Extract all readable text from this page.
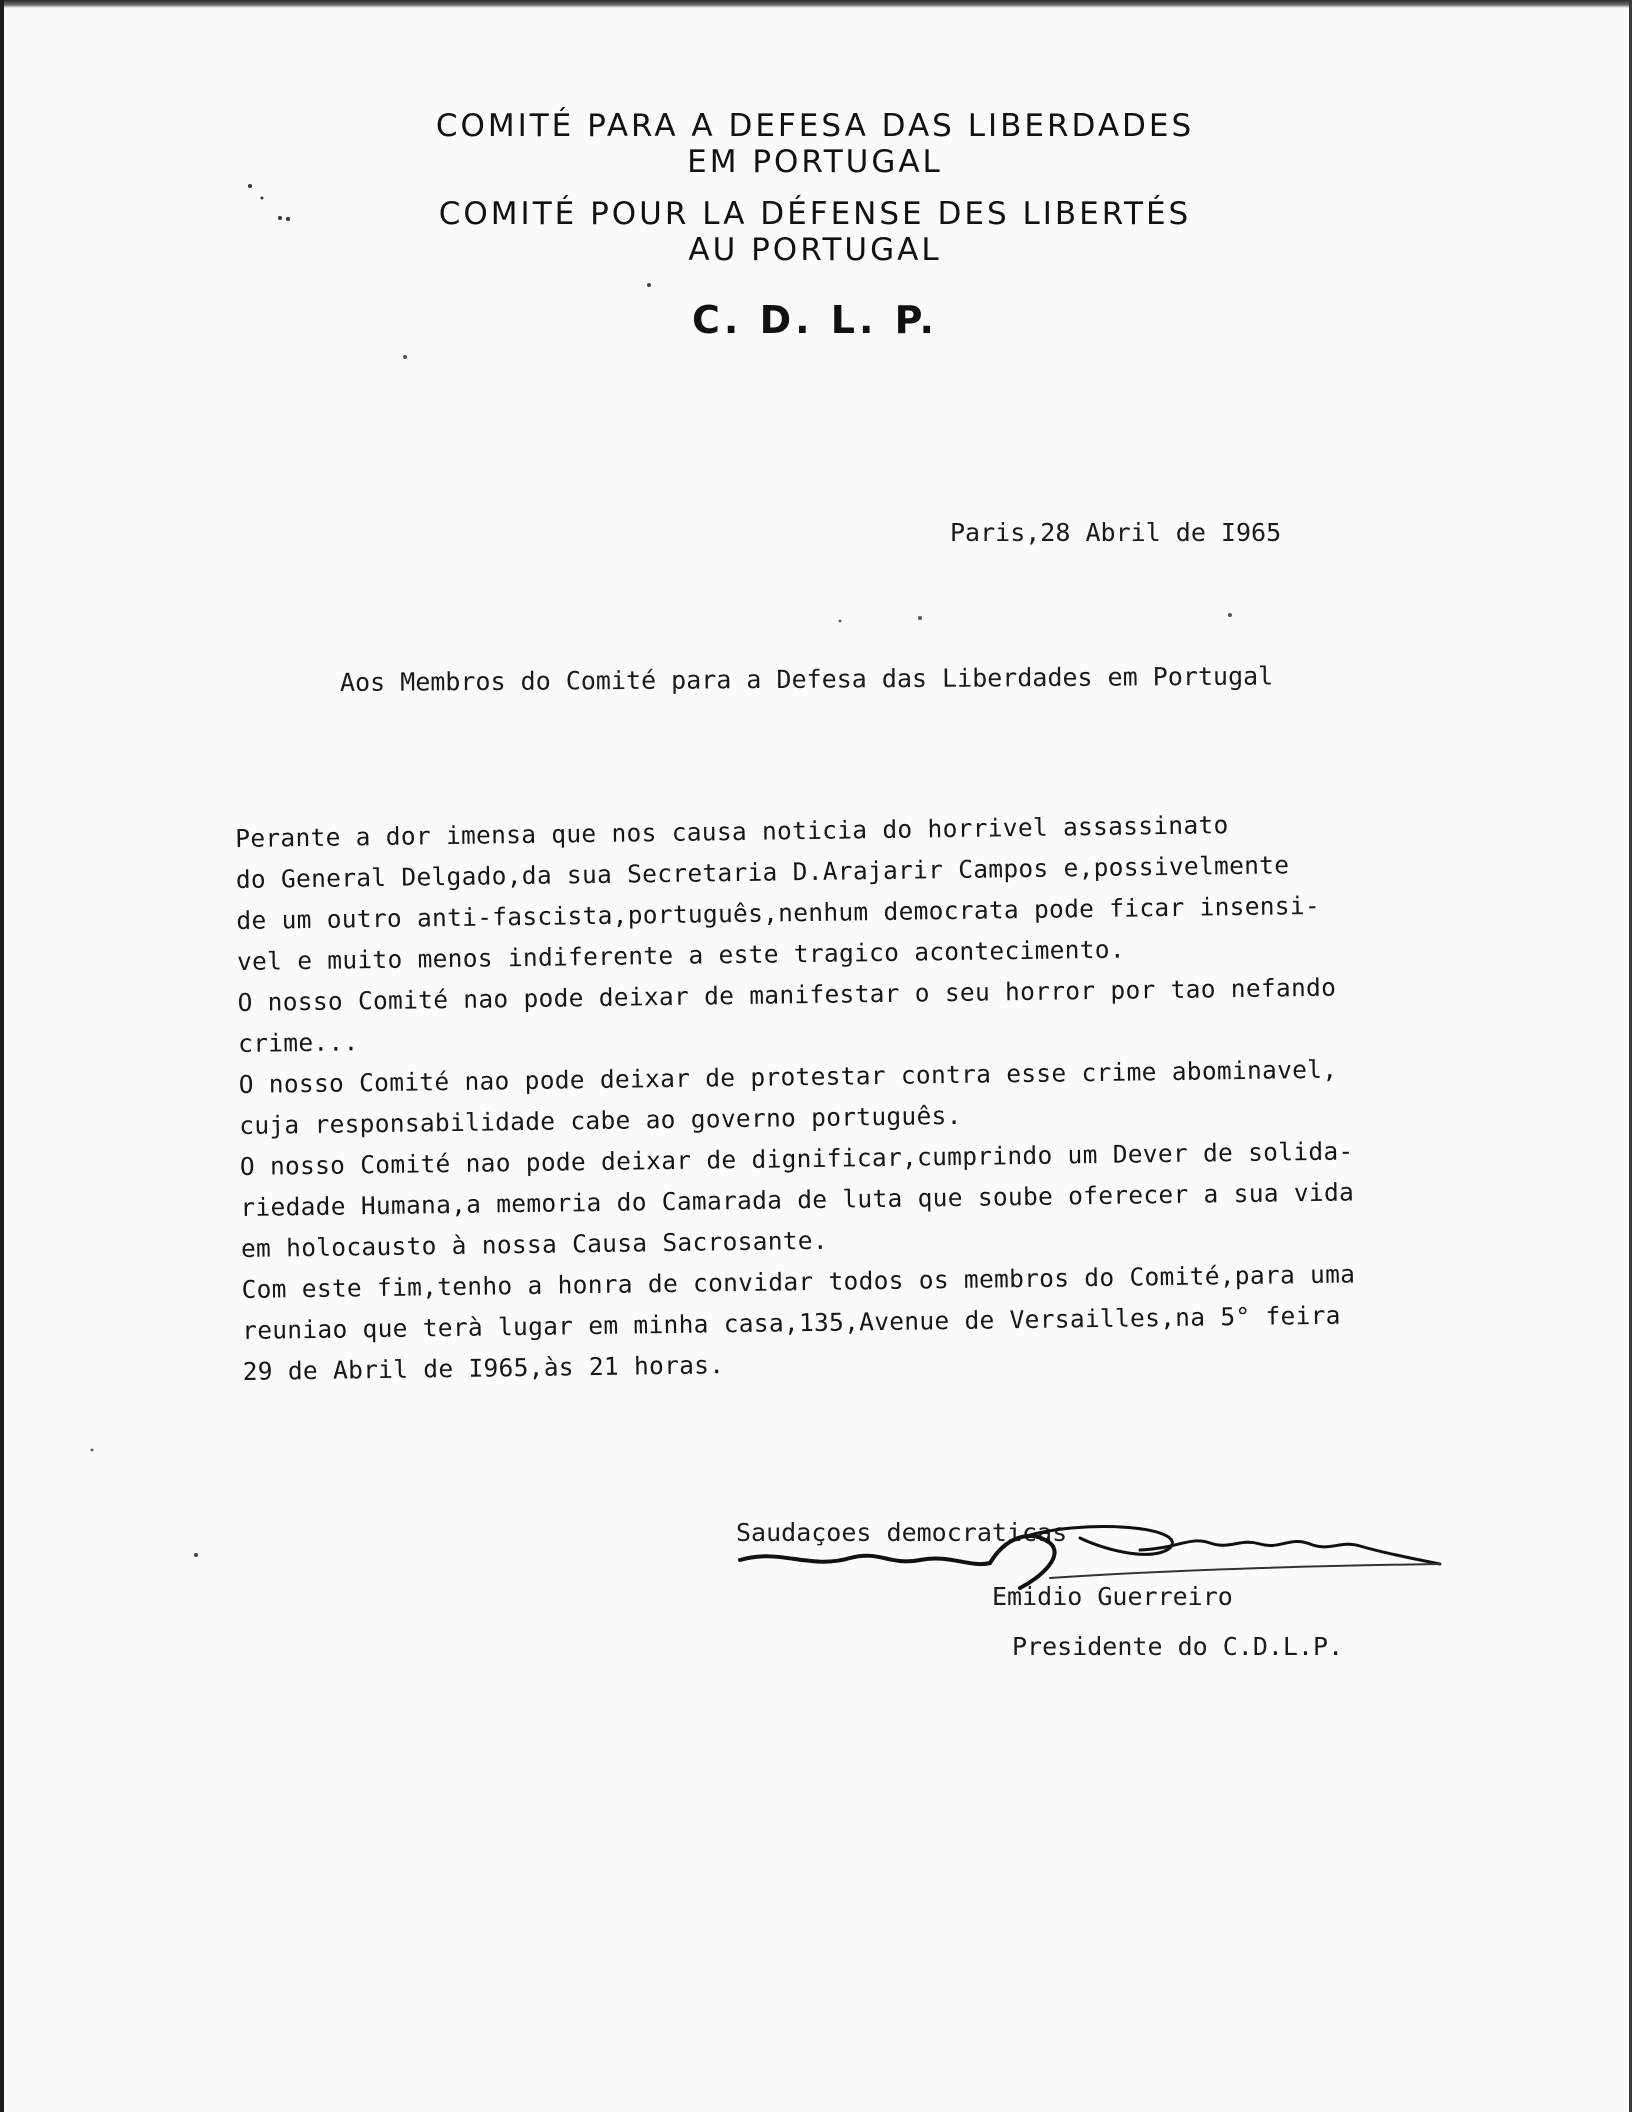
COMITÉ PARA A DEFESA DAS LIBERDADES
EM PORTUGAL
COMITÉ POUR LA DÉFENSE DES LIBERTÉS
AU PORTUGAL
C. D. L. P.
Paris,28 Abril de I965
Aos Membros do Comité para a Defesa das Liberdades em Portugal
Perante a dor imensa que nos causa noticia do horrivel assassinato
do General Delgado,da sua Secretaria D.Arajarir Campos e,possivelmente
de um outro anti-fascista,português,nenhum democrata pode ficar insensi-
vel e muito menos indiferente a este tragico acontecimento.
O nosso Comité nao pode deixar de manifestar o seu horror por tao nefando
crime...
O nosso Comité nao pode deixar de protestar contra esse crime abominavel,
cuja responsabilidade cabe ao governo português.
O nosso Comité nao pode deixar de dignificar,cumprindo um Dever de solida-
riedade Humana,a memoria do Camarada de luta que soube oferecer a sua vida
em holocausto à nossa Causa Sacrosante.
Com este fim,tenho a honra de convidar todos os membros do Comité,para uma
reuniao que terà lugar em minha casa,135,Avenue de Versailles,na 5° feira
29 de Abril de I965,às 21 horas.
Saudaçoes democraticas
Emidio Guerreiro
Presidente do C.D.L.P.
